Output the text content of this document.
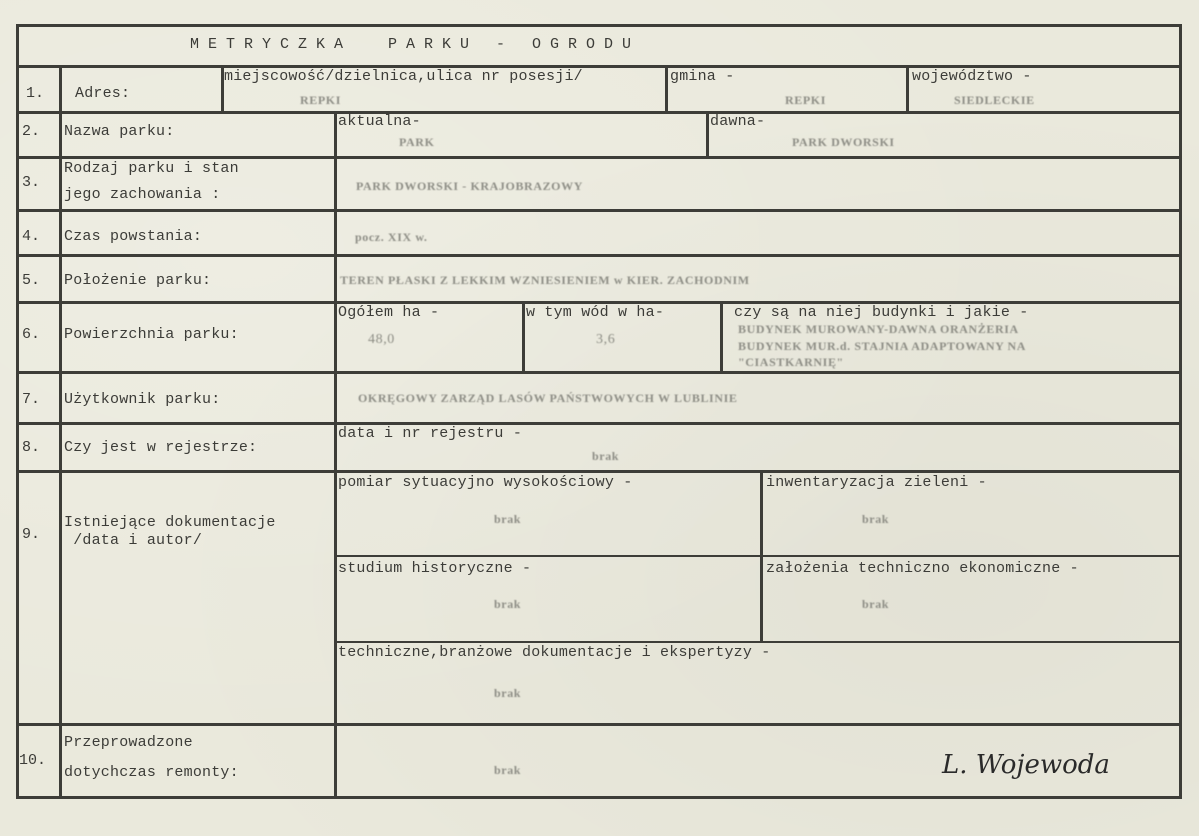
METRYCZKA  PARKU - OGRODU
1. Adres:
miejscowość/dzielnica,ulica nr posesji/
REPKI
gmina -
REPKI
województwo -
SIEDLECKIE
2. Nazwa parku:
aktualna-
PARK
dawna-
PARK DWORSKI
3.
Rodzaj parku i stan
jego zachowania :	PARK DWORSKI - KRAJOBRAZOWY
4. Czas powstania:	pocz. XIX w.
5. Położenie parku:	TEREN PŁASKI Z LEKKIM WZNIESIENIEM w KIER. ZACHODNIM
6. Powierzchnia parku:
Ogółem ha -
48,0
w tym wód w ha-
3,6
czy są na niej budynki i jakie -
BUDYNEK MUROWANY-DAWNA ORANŻERIA
BUDYNEK MUR.d. STAJNIA ADAPTOWANY NA
"CIASTKARNIĘ"
7. Użytkownik parku:	OKRĘGOWY ZARZĄD LASÓW PAŃSTWOWYCH W LUBLINIE
8. Czy jest w rejestrze:
data i nr rejestru -
brak
9.
Istniejące dokumentacje
/data i autor/
pomiar sytuacyjno wysokościowy -
brak
inwentaryzacja zieleni -
brak
studium historyczne -
brak
założenia techniczno ekonomiczne -
brak
techniczne,branżowe dokumentacje i ekspertyzy -
brak
10.
Przeprowadzone
dotychczas remonty:	brak	L. Wojewoda
